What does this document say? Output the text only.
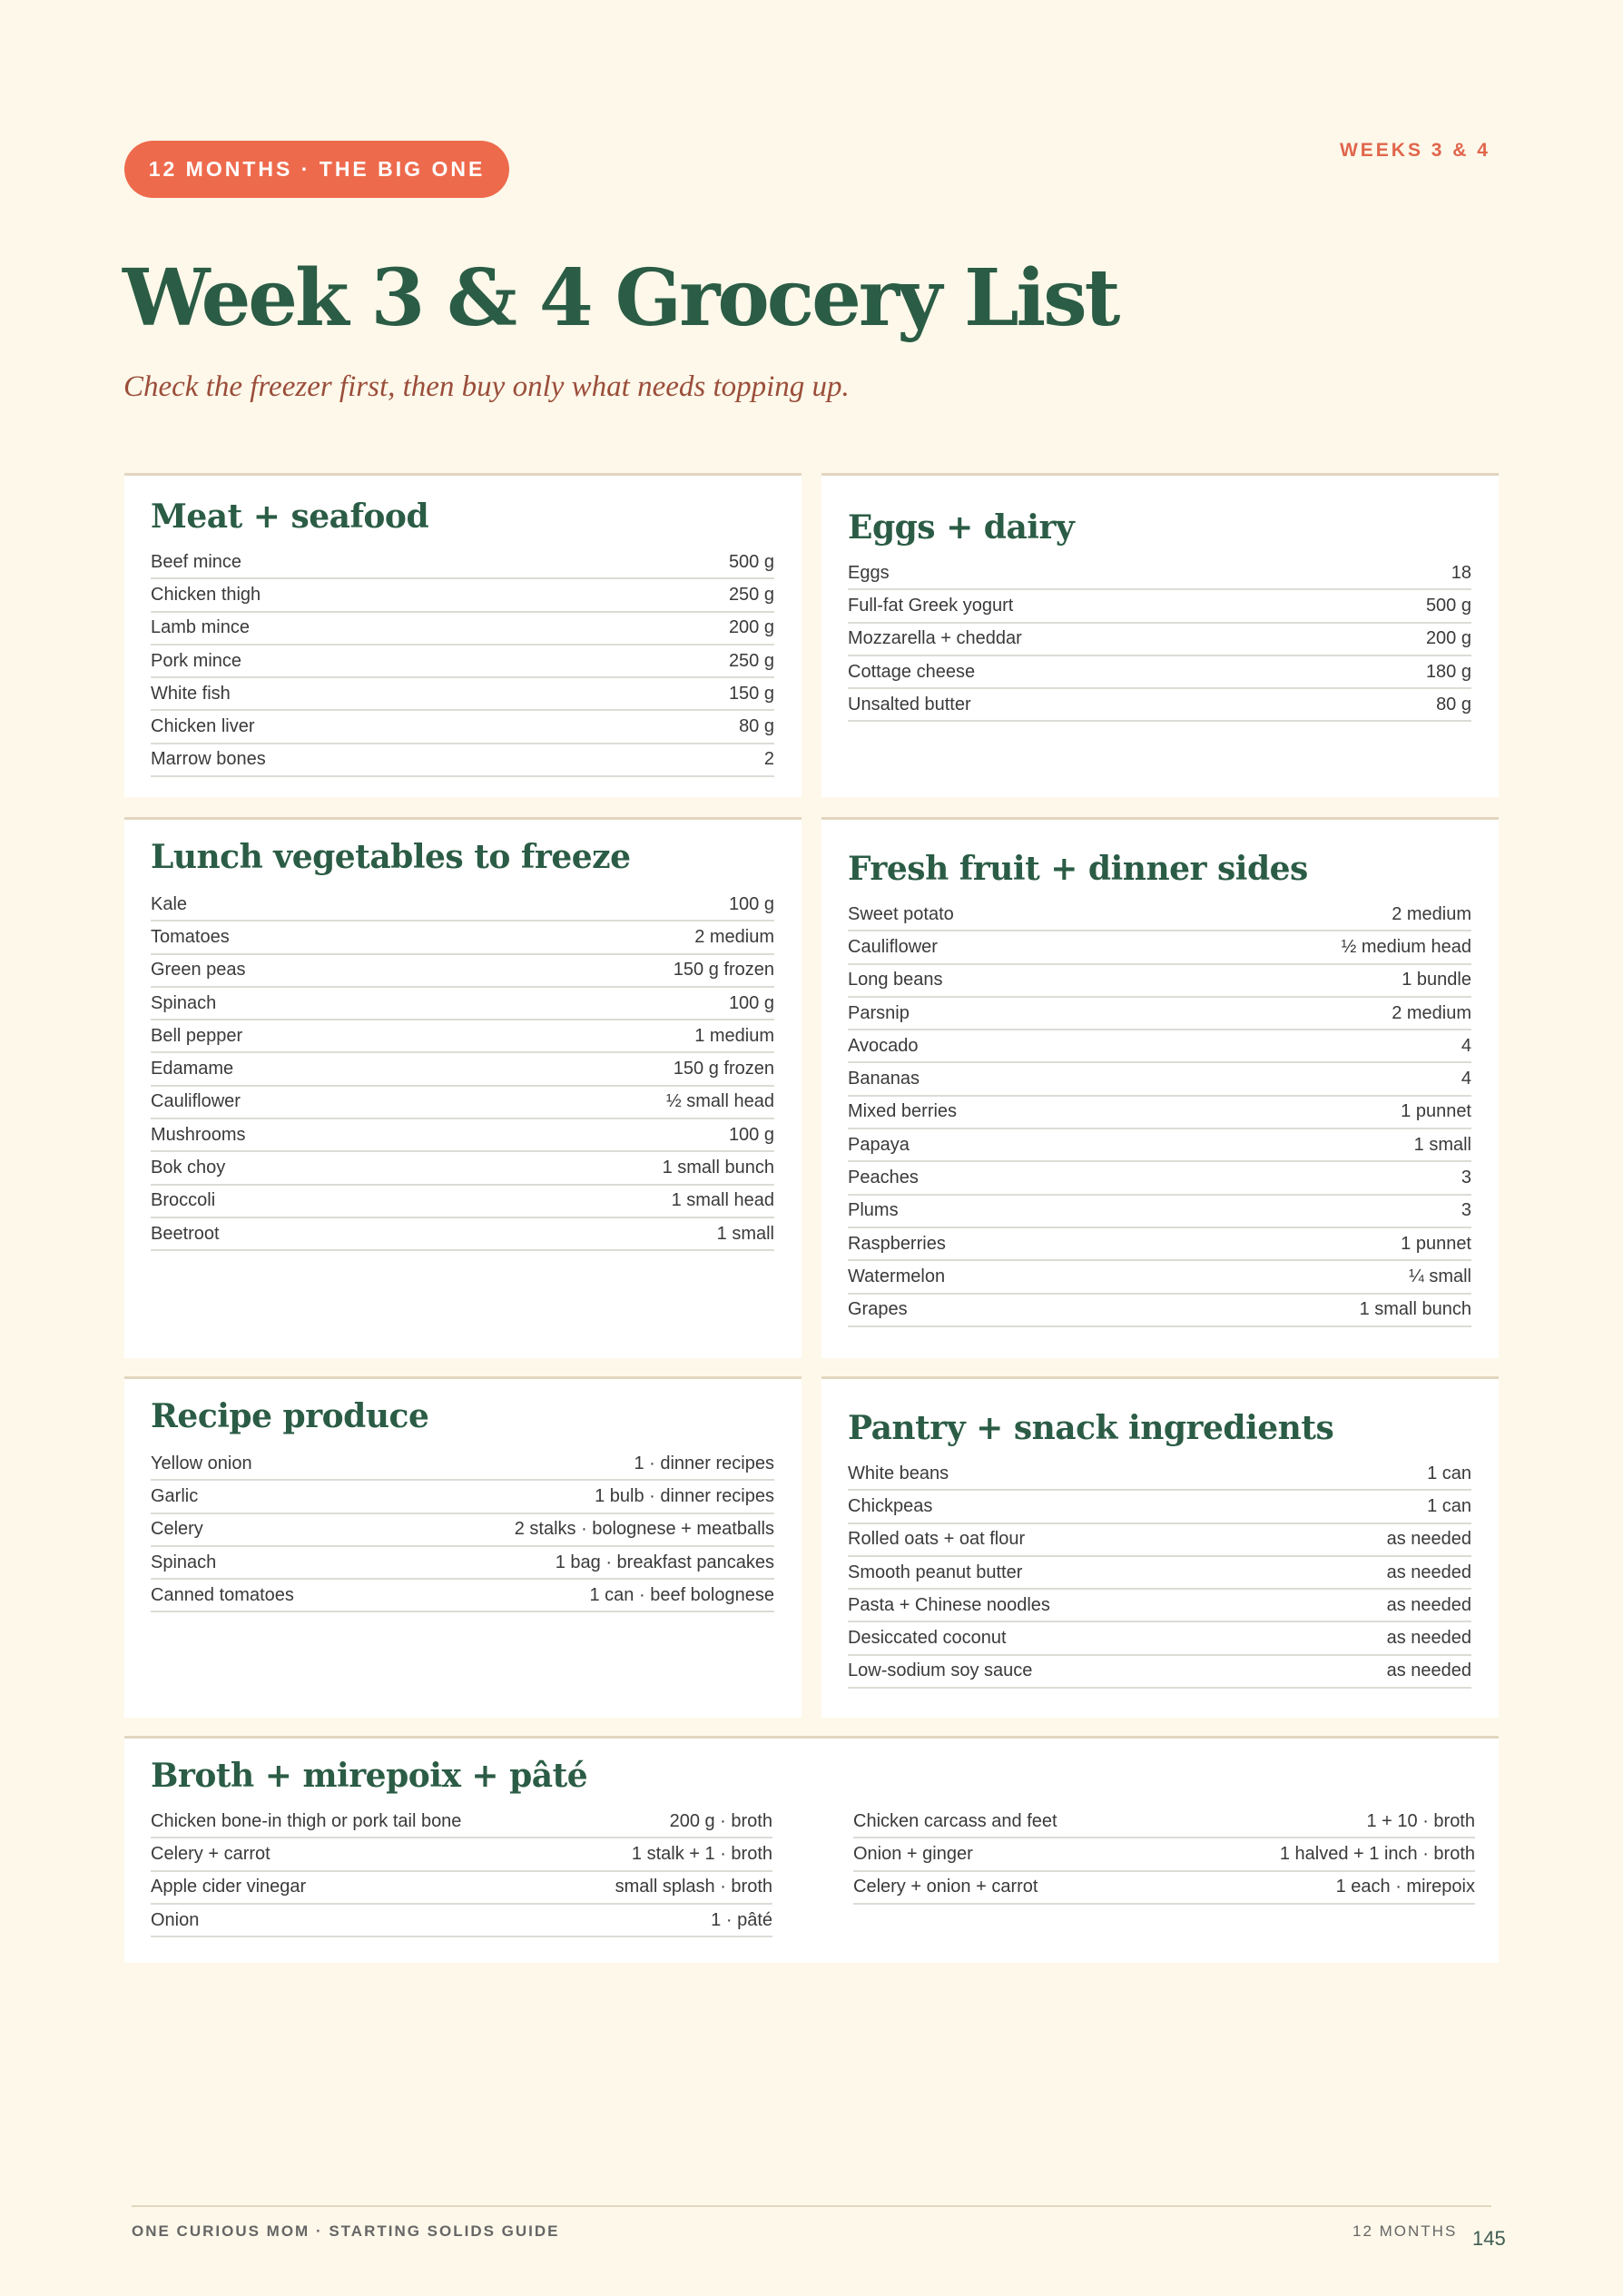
12 MONTHS · THE BIG ONE
WEEKS 3 & 4
Week 3 & 4 Grocery List
Check the freezer first, then buy only what needs topping up.
Meat + seafood
Beef mince	500 g
Chicken thigh	250 g
Lamb mince	200 g
Pork mince	250 g
White fish	150 g
Chicken liver	80 g
Marrow bones	2
Eggs + dairy
Eggs	18
Full-fat Greek yogurt	500 g
Mozzarella + cheddar	200 g
Cottage cheese	180 g
Unsalted butter	80 g
Lunch vegetables to freeze
Kale	100 g
Tomatoes	2 medium
Green peas	150 g frozen
Spinach	100 g
Bell pepper	1 medium
Edamame	150 g frozen
Cauliflower	½ small head
Mushrooms	100 g
Bok choy	1 small bunch
Broccoli	1 small head
Beetroot	1 small
Fresh fruit + dinner sides
Sweet potato	2 medium
Cauliflower	½ medium head
Long beans	1 bundle
Parsnip	2 medium
Avocado	4
Bananas	4
Mixed berries	1 punnet
Papaya	1 small
Peaches	3
Plums	3
Raspberries	1 punnet
Watermelon	¼ small
Grapes	1 small bunch
Recipe produce
Yellow onion	1 · dinner recipes
Garlic	1 bulb · dinner recipes
Celery	2 stalks · bolognese + meatballs
Spinach	1 bag · breakfast pancakes
Canned tomatoes	1 can · beef bolognese
Pantry + snack ingredients
White beans	1 can
Chickpeas	1 can
Rolled oats + oat flour	as needed
Smooth peanut butter	as needed
Pasta + Chinese noodles	as needed
Desiccated coconut	as needed
Low-sodium soy sauce	as needed
Broth + mirepoix + pâté
Chicken bone-in thigh or pork tail bone	200 g · broth
Celery + carrot	1 stalk + 1 · broth
Apple cider vinegar	small splash · broth
Onion	1 · pâté
Chicken carcass and feet	1 + 10 · broth
Onion + ginger	1 halved + 1 inch · broth
Celery + onion + carrot	1 each · mirepoix
ONE CURIOUS MOM · STARTING SOLIDS GUIDE	12 MONTHS 145
